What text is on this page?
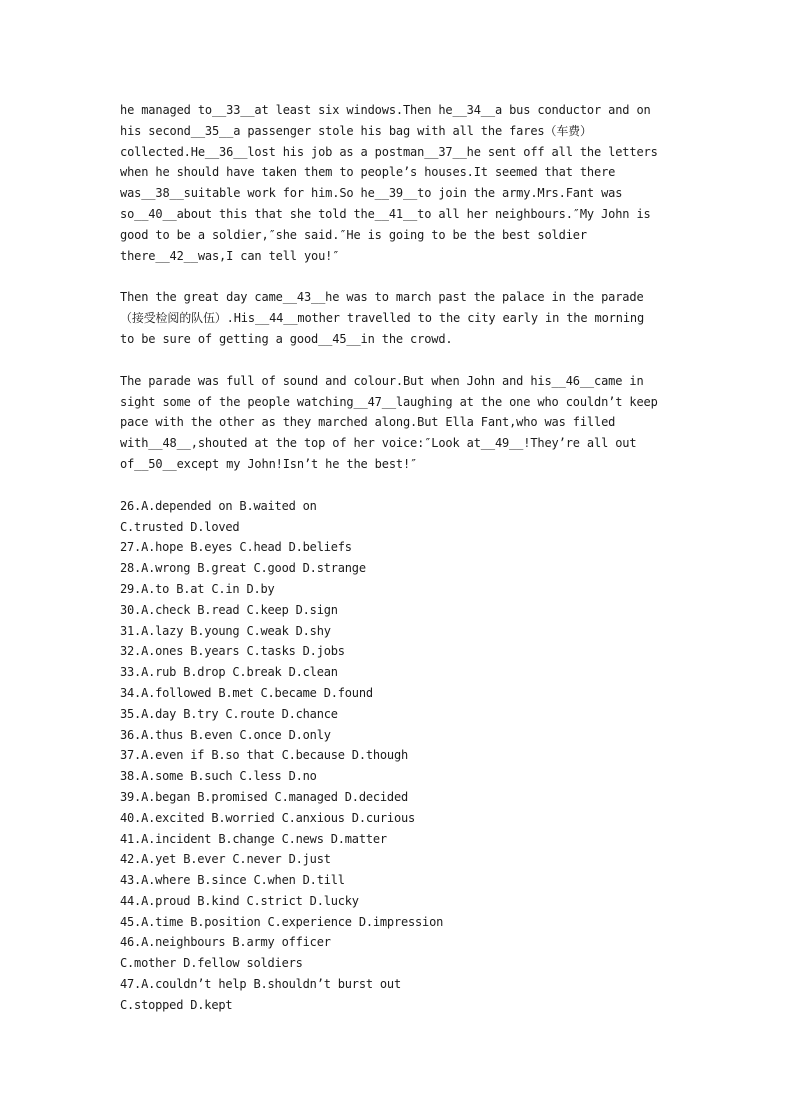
he managed to__33__at least six windows.Then he__34__a bus conductor and on his second__35__a passenger stole his bag with all the fares（车费）collected.He__36__lost his job as a postman__37__he sent off all the letters when he should have taken them to people’s houses.It seemed that there was__38__suitable work for him.So he__39__to join the army.Mrs.Fant was so__40__about this that she told the__41__to all her neighbours.″My John is good to be a soldier,″she said.″He is going to be the best soldier there__42__was,I can tell you!″

Then the great day came__43__he was to march past the palace in the parade（接受检阅的队伍）.His__44__mother travelled to the city early in the morning to be sure of getting a good__45__in the crowd.

The parade was full of sound and colour.But when John and his__46__came in sight some of the people watching__47__laughing at the one who couldn’t keep pace with the other as they marched along.But Ella Fant,who was filled with__48__,shouted at the top of her voice:″Look at__49__!They’re all out of__50__except my John!Isn’t he the best!″

26.A.depended on B.waited on
C.trusted D.loved
27.A.hope B.eyes C.head D.beliefs
28.A.wrong B.great C.good D.strange
29.A.to B.at C.in D.by
30.A.check B.read C.keep D.sign
31.A.lazy B.young C.weak D.shy
32.A.ones B.years C.tasks D.jobs
33.A.rub B.drop C.break D.clean
34.A.followed B.met C.became D.found
35.A.day B.try C.route D.chance
36.A.thus B.even C.once D.only
37.A.even if B.so that C.because D.though
38.A.some B.such C.less D.no
39.A.began B.promised C.managed D.decided
40.A.excited B.worried C.anxious D.curious
41.A.incident B.change C.news D.matter
42.A.yet B.ever C.never D.just
43.A.where B.since C.when D.till
44.A.proud B.kind C.strict D.lucky
45.A.time B.position C.experience D.impression
46.A.neighbours B.army officer
C.mother D.fellow soldiers
47.A.couldn’t help B.shouldn’t burst out
C.stopped D.kept
